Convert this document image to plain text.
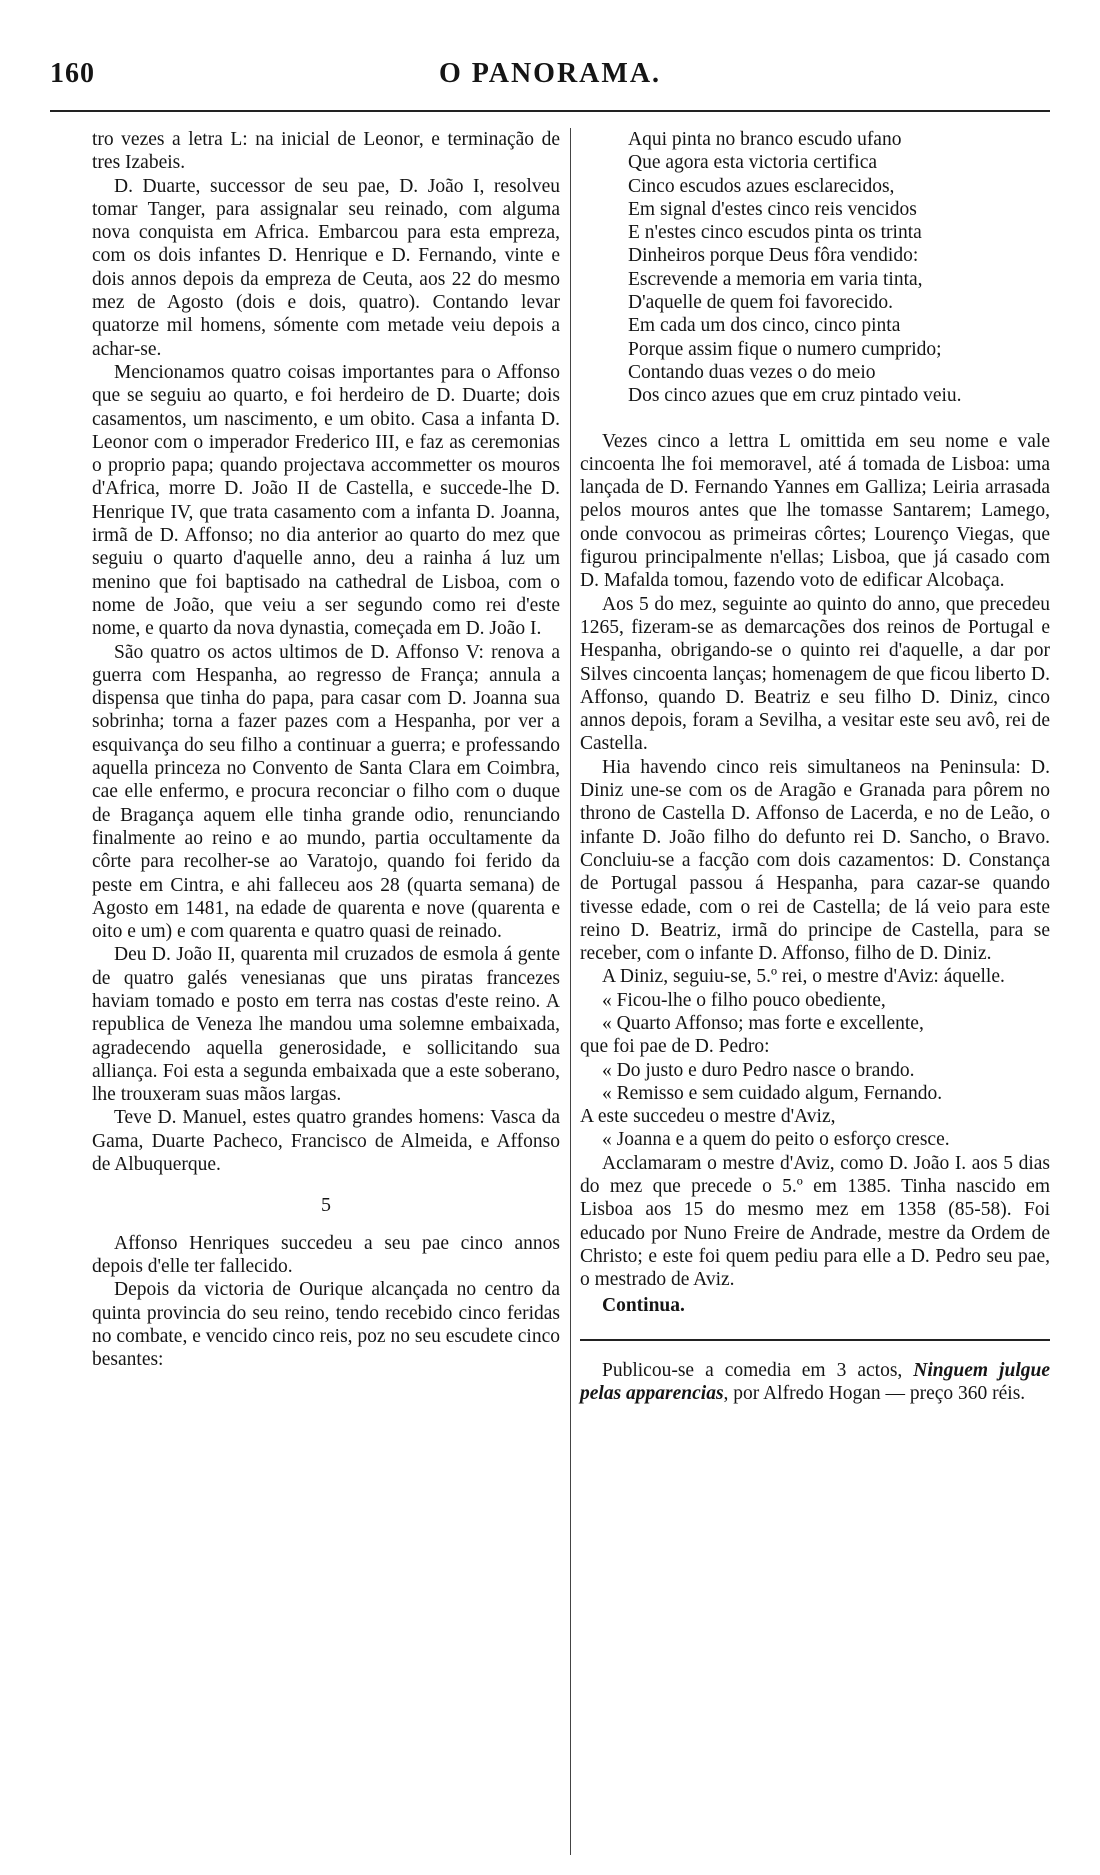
160	O PANORAMA.

tro vezes a letra L: na inicial de Leonor, e terminação de tres Izabeis.

D. Duarte, successor de seu pae, D. João I, resolveu tomar Tanger, para assignalar seu reinado, com alguma nova conquista em Africa. Embarcou para esta empreza, com os dois infantes D. Henrique e D. Fernando, vinte e dois annos depois da empreza de Ceuta, aos 22 do mesmo mez de Agosto (dois e dois, quatro). Contando levar quatorze mil homens, sómente com metade veiu depois a achar-se.

Mencionamos quatro coisas importantes para o Affonso que se seguiu ao quarto, e foi herdeiro de D. Duarte; dois casamentos, um nascimento, e um obito. Casa a infanta D. Leonor com o imperador Frederico III, e faz as ceremonias o proprio papa; quando projectava accommetter os mouros d'Africa, morre D. João II de Castella, e succede-lhe D. Henrique IV, que trata casamento com a infanta D. Joanna, irmã de D. Affonso; no dia anterior ao quarto do mez que seguiu o quarto d'aquelle anno, deu a rainha á luz um menino que foi baptisado na cathedral de Lisboa, com o nome de João, que veiu a ser segundo como rei d'este nome, e quarto da nova dynastia, começada em D. João I.

São quatro os actos ultimos de D. Affonso V: renova a guerra com Hespanha, ao regresso de França; annula a dispensa que tinha do papa, para casar com D. Joanna sua sobrinha; torna a fazer pazes com a Hespanha, por ver a esquivança do seu filho a continuar a guerra; e professando aquella princeza no Convento de Santa Clara em Coimbra, cae elle enfermo, e procura reconciar o filho com o duque de Bragança aquem elle tinha grande odio, renunciando finalmente ao reino e ao mundo, partia occultamente da côrte para recolher-se ao Varatojo, quando foi ferido da peste em Cintra, e ahi falleceu aos 28 (quarta semana) de Agosto em 1481, na edade de quarenta e nove (quarenta e oito e um) e com quarenta e quatro quasi de reinado.

Deu D. João II, quarenta mil cruzados de esmola á gente de quatro galés venesianas que uns piratas francezes haviam tomado e posto em terra nas costas d'este reino. A republica de Veneza lhe mandou uma solemne embaixada, agradecendo aquella generosidade, e sollicitando sua alliança. Foi esta a segunda embaixada que a este soberano, lhe trouxeram suas mãos largas.

Teve D. Manuel, estes quatro grandes homens: Vasca da Gama, Duarte Pacheco, Francisco de Almeida, e Affonso de Albuquerque.

5

Affonso Henriques succedeu a seu pae cinco annos depois d'elle ter fallecido.

Depois da victoria de Ourique alcançada no centro da quinta provincia do seu reino, tendo recebido cinco feridas no combate, e vencido cinco reis, poz no seu escudete cinco besantes:

Aqui pinta no branco escudo ufano
Que agora esta victoria certifica
Cinco escudos azues esclarecidos,
Em signal d'estes cinco reis vencidos
E n'estes cinco escudos pinta os trinta
Dinheiros porque Deus fôra vendido:
Escrevende a memoria em varia tinta,
D'aquelle de quem foi favorecido.
Em cada um dos cinco, cinco pinta
Porque assim fique o numero cumprido;
Contando duas vezes o do meio
Dos cinco azues que em cruz pintado veiu.

Vezes cinco a lettra L omittida em seu nome e vale cincoenta lhe foi memoravel, até á tomada de Lisboa: uma lançada de D. Fernando Yannes em Galliza; Leiria arrasada pelos mouros antes que lhe tomasse Santarem; Lamego, onde convocou as primeiras côrtes; Lourenço Viegas, que figurou principalmente n'ellas; Lisboa, que já casado com D. Mafalda tomou, fazendo voto de edificar Alcobaça.

Aos 5 do mez, seguinte ao quinto do anno, que precedeu 1265, fizeram-se as demarcações dos reinos de Portugal e Hespanha, obrigando-se o quinto rei d'aquelle, a dar por Silves cincoenta lanças; homenagem de que ficou liberto D. Affonso, quando D. Beatriz e seu filho D. Diniz, cinco annos depois, foram a Sevilha, a vesitar este seu avô, rei de Castella.

Hia havendo cinco reis simultaneos na Peninsula: D. Diniz une-se com os de Aragão e Granada para pôrem no throno de Castella D. Affonso de Lacerda, e no de Leão, o infante D. João filho do defunto rei D. Sancho, o Bravo. Concluiu-se a facção com dois cazamentos: D. Constança de Portugal passou á Hespanha, para cazar-se quando tivesse edade, com o rei de Castella; de lá veio para este reino D. Beatriz, irmã do principe de Castella, para se receber, com o infante D. Affonso, filho de D. Diniz.

A Diniz, seguiu-se, 5.º rei, o mestre d'Aviz: áquelle.

« Ficou-lhe o filho pouco obediente,
« Quarto Affonso; mas forte e excellente,

que foi pae de D. Pedro:

« Do justo e duro Pedro nasce o brando.
« Remisso e sem cuidado algum, Fernando.

A este succedeu o mestre d'Aviz,

« Joanna e a quem do peito o esforço cresce.

Acclamaram o mestre d'Aviz, como D. João I. aos 5 dias do mez que precede o 5.º em 1385. Tinha nascido em Lisboa aos 15 do mesmo mez em 1358 (85-58). Foi educado por Nuno Freire de Andrade, mestre da Ordem de Christo; e este foi quem pediu para elle a D. Pedro seu pae, o mestrado de Aviz.

Continua.

Publicou-se a comedia em 3 actos, Ninguem julgue pelas apparencias, por Alfredo Hogan — preço 360 réis.
